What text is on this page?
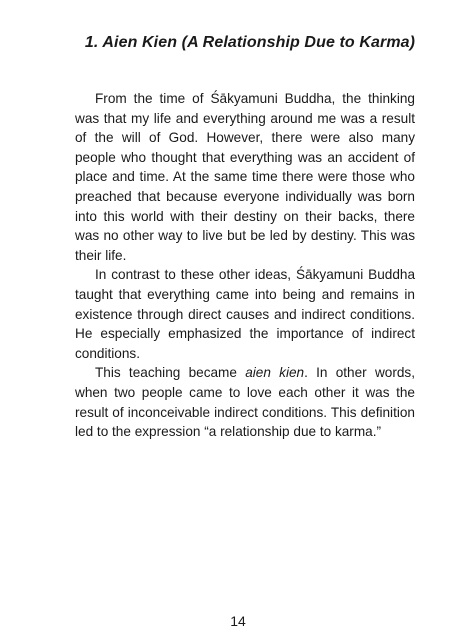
1. Aien Kien (A Relationship Due to Karma)

From the time of Śākyamuni Buddha, the thinking was that my life and everything around me was a result of the will of God. However, there were also many people who thought that everything was an accident of place and time. At the same time there were those who preached that because everyone individually was born into this world with their destiny on their backs, there was no other way to live but be led by destiny. This was their life.

In contrast to these other ideas, Śākyamuni Buddha taught that everything came into being and remains in existence through direct causes and indirect conditions. He especially emphasized the importance of indirect conditions.

This teaching became aien kien. In other words, when two people came to love each other it was the result of inconceivable indirect conditions. This definition led to the expression “a relationship due to karma.”

14
